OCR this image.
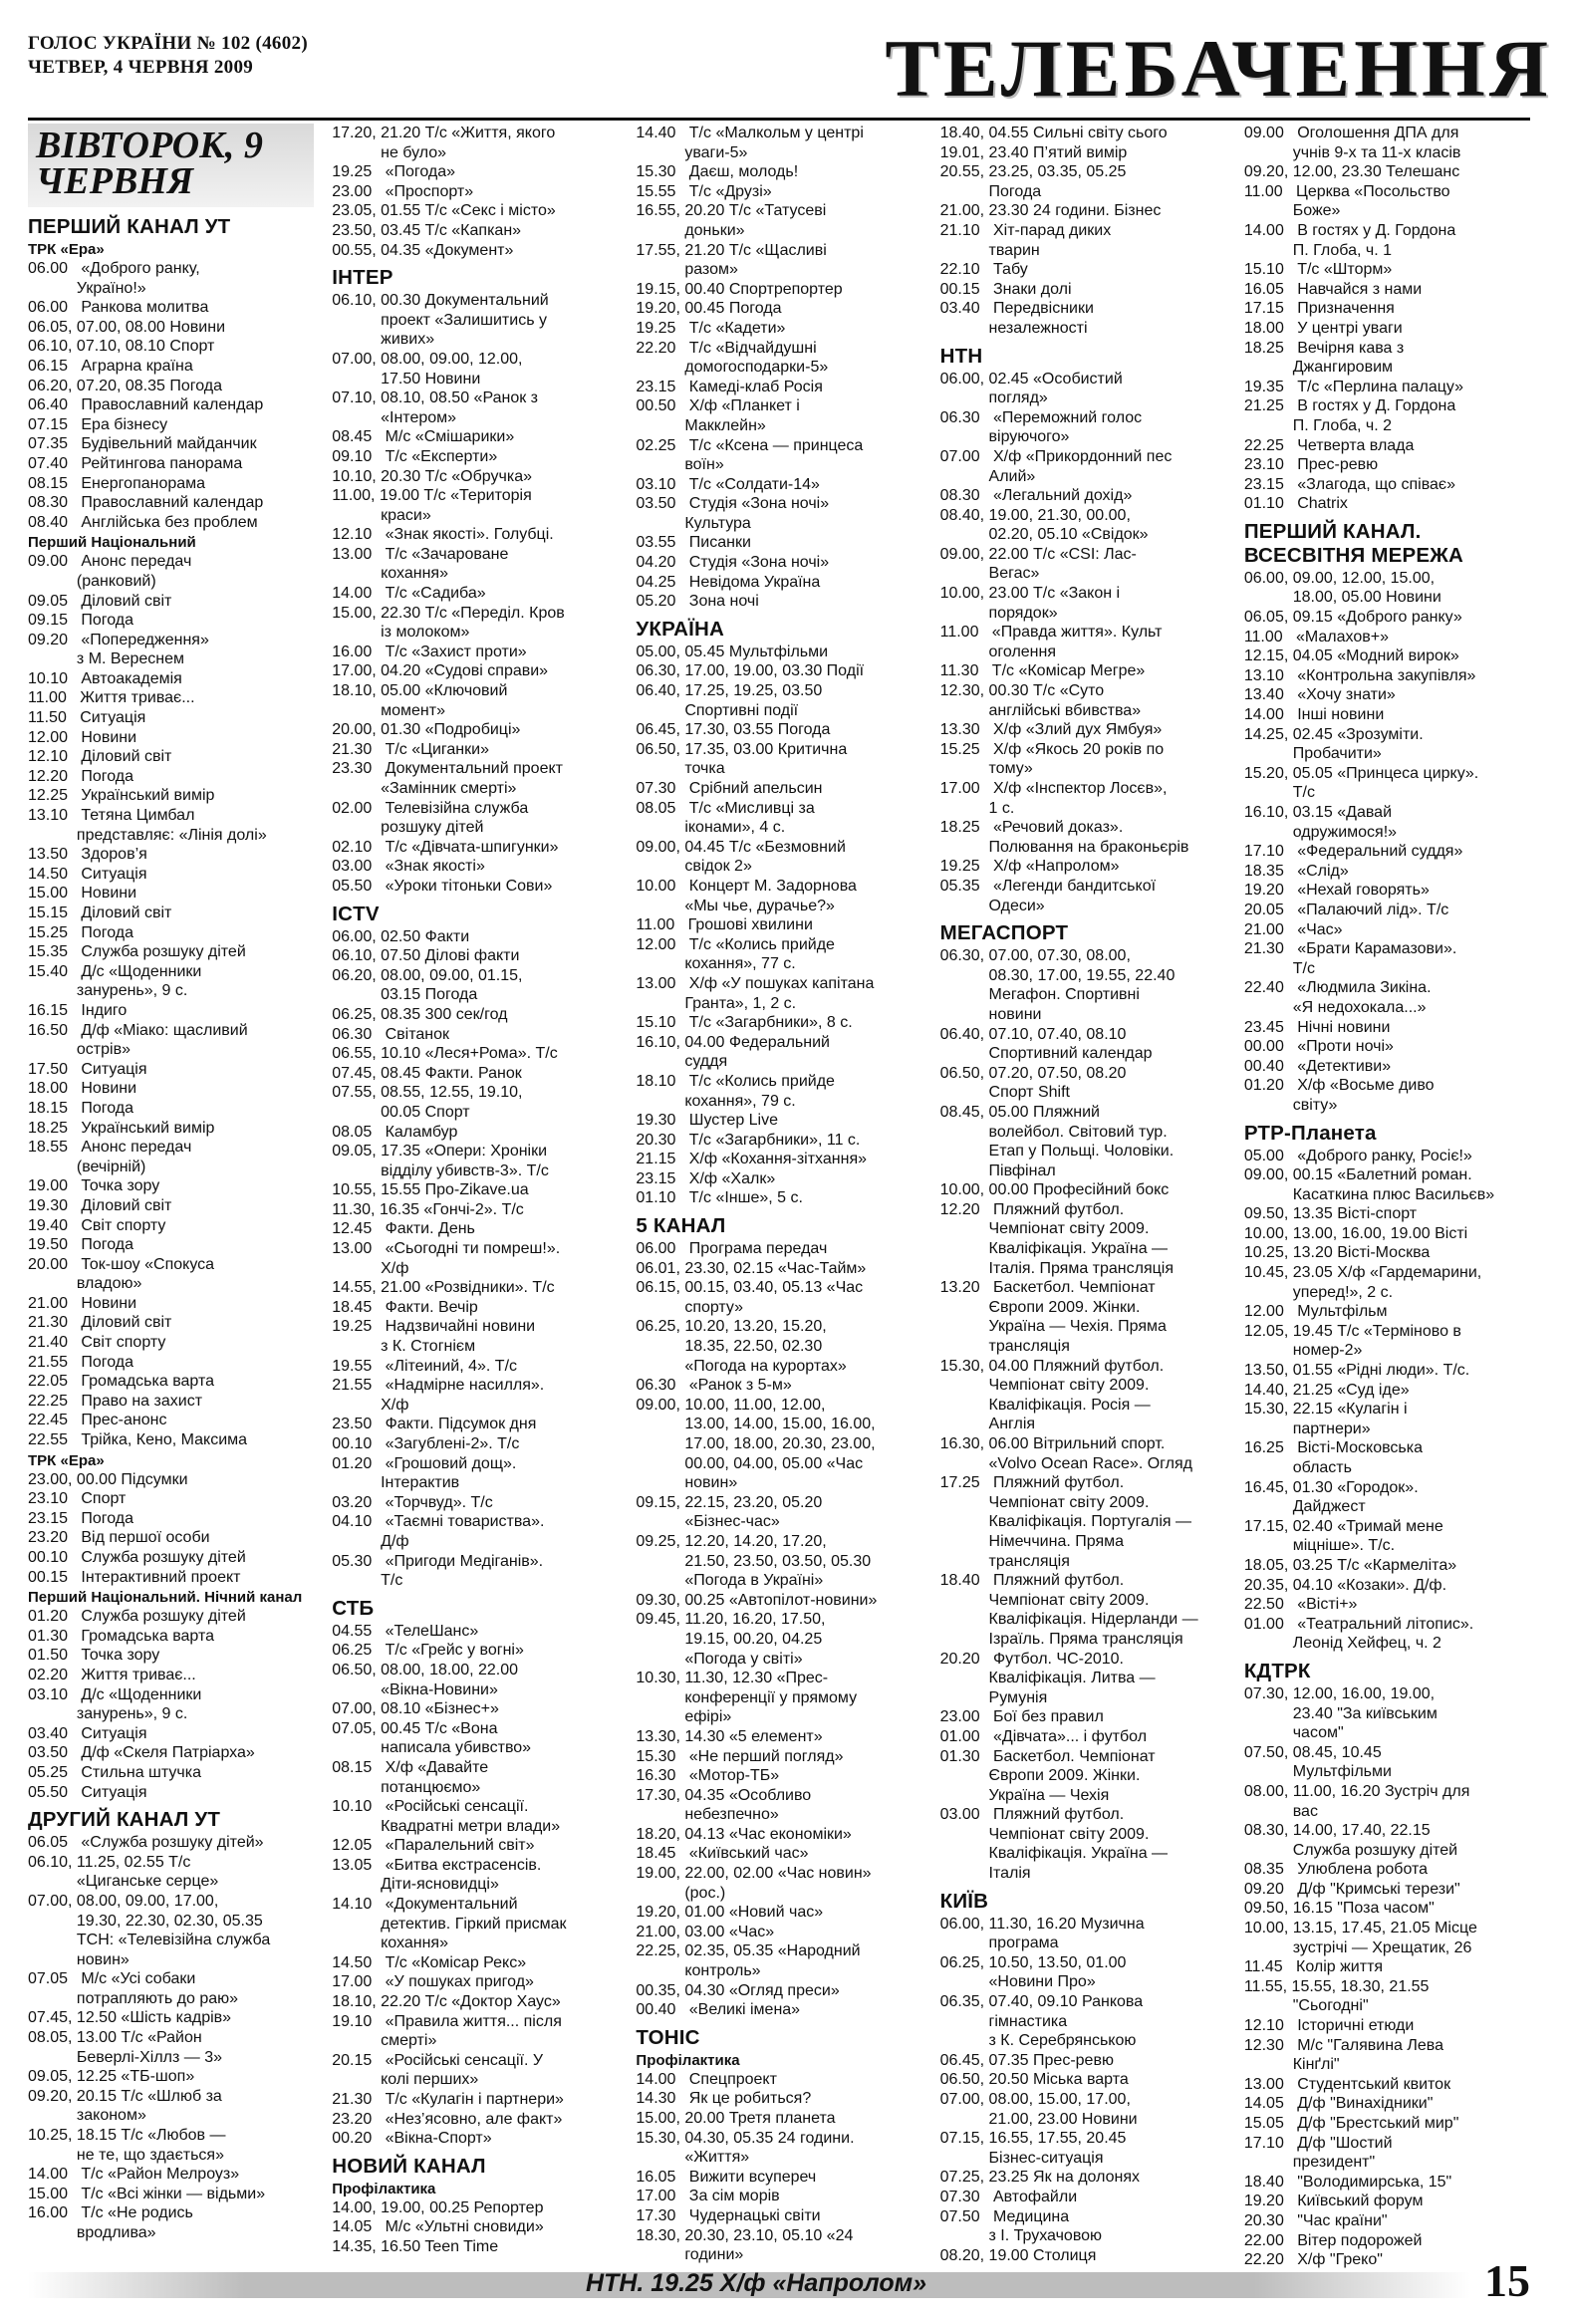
ГОЛОС УКРАЇНИ № 102 (4602)
ЧЕТВЕР, 4 ЧЕРВНЯ 2009	ТЕЛЕБАЧЕННЯ
ВІВТОРОК, 9 ЧЕРВНЯ
ПЕРШИЙ КАНАЛ УТ
ТРК «Ера»
06.00   «Доброго ранку,
Україно!»
06.00   Ранкова молитва
06.05, 07.00, 08.00 Новини
06.10, 07.10, 08.10 Спорт
06.15   Аграрна країна
06.20, 07.20, 08.35 Погода
06.40   Православний календар
07.15   Ера бізнесу
07.35   Будівельний майданчик
07.40   Рейтингова панорама
08.15   Енергопанорама
08.30   Православний календар
08.40   Англійська без проблем
Перший Національний
09.00   Анонс передач
(ранковий)
09.05   Діловий світ
09.15   Погода
09.20   «Попередження»
з М. Вереснем
10.10   Автоакадемія
11.00   Життя триває...
11.50   Ситуація
12.00   Новини
12.10   Діловий світ
12.20   Погода
12.25   Український вимір
13.10   Тетяна Цимбал
представляє: «Лінія долі»
13.50   Здоров’я
14.50   Ситуація
15.00   Новини
15.15   Діловий світ
15.25   Погода
15.35   Служба розшуку дітей
15.40   Д/с «Щоденники
занурень», 9 с.
16.15   Індиго
16.50   Д/ф «Міако: щасливий
острів»
17.50   Ситуація
18.00   Новини
18.15   Погода
18.25   Український вимір
18.55   Анонс передач
(вечірній)
19.00   Точка зору
19.30   Діловий світ
19.40   Світ спорту
19.50   Погода
20.00   Ток-шоу «Спокуса
владою»
21.00   Новини
21.30   Діловий світ
21.40   Світ спорту
21.55   Погода
22.05   Громадська варта
22.25   Право на захист
22.45   Прес-анонс
22.55   Трійка, Кено, Максима
ТРК «Ера»
23.00, 00.00 Підсумки
23.10   Спорт
23.15   Погода
23.20   Від першої особи
00.10   Служба розшуку дітей
00.15   Інтерактивний проект
Перший Національний. Нічний канал
01.20   Служба розшуку дітей
01.30   Громадська варта
01.50   Точка зору
02.20   Життя триває...
03.10   Д/с «Щоденники
занурень», 9 с.
03.40   Ситуація
03.50   Д/ф «Скеля Патріарха»
05.25   Стильна штучка
05.50   Ситуація
ДРУГИЙ КАНАЛ УТ
06.05   «Служба розшуку дітей»
06.10, 11.25, 02.55 Т/с
«Циганське серце»
07.00, 08.00, 09.00, 17.00,
19.30, 22.30, 02.30, 05.35
ТСН: «Телевізійна служба
новин»
07.05   М/с «Усі собаки
потрапляють до раю»
07.45, 12.50 «Шість кадрів»
08.05, 13.00 Т/с «Район
Беверлі-Хіллз — 3»
09.05, 12.25 «ТБ-шоп»
09.20, 20.15 Т/с «Шлюб за
законом»
10.25, 18.15 Т/с «Любов —
не те, що здається»
14.00   Т/с «Район Мелроуз»
15.00   Т/с «Всі жінки — відьми»
16.00   Т/с «Не родись
вродлива»
17.20, 21.20 Т/с «Життя, якого
не було»
19.25   «Погода»
23.00   «Проспорт»
23.05, 01.55 Т/с «Секс і місто»
23.50, 03.45 Т/с «Капкан»
00.55, 04.35 «Документ»
ІНТЕР
06.10, 00.30 Документальний
проект «Залишитись у
живих»
07.00, 08.00, 09.00, 12.00,
17.50 Новини
07.10, 08.10, 08.50 «Ранок з
«Інтером»
08.45   М/с «Смішарики»
09.10   Т/с «Експерти»
10.10, 20.30 Т/с «Обручка»
11.00, 19.00 Т/с «Територія
краси»
12.10   «Знак якості». Голубці.
13.00   Т/с «Зачароване
кохання»
14.00   Т/с «Садиба»
15.00, 22.30 Т/с «Переділ. Кров
із молоком»
16.00   Т/с «Захист проти»
17.00, 04.20 «Судові справи»
18.10, 05.00 «Ключовий
момент»
20.00, 01.30 «Подробиці»
21.30   Т/с «Циганки»
23.30   Документальний проект
«Замінник смерті»
02.00   Телевізійна служба
розшуку дітей
02.10   Т/с «Дівчата-шпигунки»
03.00   «Знак якості»
05.50   «Уроки тітоньки Сови»
ICTV
06.00, 02.50 Факти
06.10, 07.50 Ділові факти
06.20, 08.00, 09.00, 01.15,
03.15 Погода
06.25, 08.35 300 сек/год
06.30   Світанок
06.55, 10.10 «Леся+Рома». Т/с
07.45, 08.45 Факти. Ранок
07.55, 08.55, 12.55, 19.10,
00.05 Спорт
08.05   Каламбур
09.05, 17.35 «Опери: Хроніки
відділу убивств-3». Т/с
10.55, 15.55 Про-Zikave.ua
11.30, 16.35 «Гончі-2». Т/с
12.45   Факти. День
13.00   «Сьогодні ти помреш!».
Х/ф
14.55, 21.00 «Розвідники». Т/с
18.45   Факти. Вечір
19.25   Надзвичайні новини
з К. Стогнієм
19.55   «Літеиний, 4». Т/с
21.55   «Надмірне насилля».
Х/ф
23.50   Факти. Підсумок дня
00.10   «Загублені-2». Т/с
01.20   «Грошовий дощ».
Інтерактив
03.20   «Торчвуд». Т/с
04.10   «Таємні товариства».
Д/ф
05.30   «Пригоди Медіганів».
Т/с
СТБ
04.55   «ТелеШанс»
06.25   Т/с «Грейс у вогні»
06.50, 08.00, 18.00, 22.00
«Вікна-Новини»
07.00, 08.10 «Бізнес+»
07.05, 00.45 Т/с «Вона
написала убивство»
08.15   Х/ф «Давайте
потанцюємо»
10.10   «Російські сенсації.
Квадратні метри влади»
12.05   «Паралельний світ»
13.05   «Битва екстрасенсів.
Діти-ясновидці»
14.10   «Документальний
детектив. Гіркий присмак
кохання»
14.50   Т/с «Комісар Рекс»
17.00   «У пошуках пригод»
18.10, 22.20 Т/с «Доктор Хаус»
19.10   «Правила життя... після
смерті»
20.15   «Російські сенсації. У
колі перших»
21.30   Т/с «Кулагін і партнери»
23.20   «Нез’ясовно, але факт»
00.20   «Вікна-Спорт»
НОВИЙ КАНАЛ
Профілактика
14.00, 19.00, 00.25 Репортер
14.05   М/с «Ультні сновиди»
14.35, 16.50 Teen Time
14.40   Т/с «Малкольм у центрі
уваги-5»
15.30   Даєш, молодь!
15.55   Т/с «Друзі»
16.55, 20.20 Т/с «Татусеві
доньки»
17.55, 21.20 Т/с «Щасливі
разом»
19.15, 00.40 Спортрепортер
19.20, 00.45 Погода
19.25   Т/с «Кадети»
22.20   Т/с «Відчайдушні
домогосподарки-5»
23.15   Камеді-клаб Росія
00.50   Х/ф «Планкет і
Макклейн»
02.25   Т/с «Ксена — принцеса
воїн»
03.10   Т/с «Солдати-14»
03.50   Студія «Зона ночі»
Культура
03.55   Писанки
04.20   Студія «Зона ночі»
04.25   Невідома Україна
05.20   Зона ночі
УКРАЇНА
05.00, 05.45 Мультфільми
06.30, 17.00, 19.00, 03.30 Події
06.40, 17.25, 19.25, 03.50
Спортивні події
06.45, 17.30, 03.55 Погода
06.50, 17.35, 03.00 Критична
точка
07.30   Срібний апельсин
08.05   Т/с «Мисливці за
іконами», 4 с.
09.00, 04.45 Т/с «Безмовний
свідок 2»
10.00   Концерт М. Задорнова
«Мы чье, дурачье?»
11.00   Грошові хвилини
12.00   Т/с «Колись прийде
кохання», 77 с.
13.00   Х/ф «У пошуках капітана
Гранта», 1, 2 с.
15.10   Т/с «Загарбники», 8 с.
16.10, 04.00 Федеральний
суддя
18.10   Т/с «Колись прийде
кохання», 79 с.
19.30   Шустер Live
20.30   Т/с «Загарбники», 11 с.
21.15   Х/ф «Кохання-зітхання»
23.15   Х/ф «Халк»
01.10   Т/с «Інше», 5 с.
5 КАНАЛ
06.00   Програма передач
06.01, 23.30, 02.15 «Час-Тайм»
06.15, 00.15, 03.40, 05.13 «Час
спорту»
06.25, 10.20, 13.20, 15.20,
18.35, 22.50, 02.30
«Погода на курортах»
06.30   «Ранок з 5-м»
09.00, 10.00, 11.00, 12.00,
13.00, 14.00, 15.00, 16.00,
17.00, 18.00, 20.30, 23.00,
00.00, 04.00, 05.00 «Час
новин»
09.15, 22.15, 23.20, 05.20
«Бізнес-час»
09.25, 12.20, 14.20, 17.20,
21.50, 23.50, 03.50, 05.30
«Погода в Україні»
09.30, 00.25 «Автопілот-новини»
09.45, 11.20, 16.20, 17.50,
19.15, 00.20, 04.25
«Погода у світі»
10.30, 11.30, 12.30 «Прес-
конференції у прямому
ефірі»
13.30, 14.30 «5 елемент»
15.30   «Не перший погляд»
16.30   «Мотор-ТБ»
17.30, 04.35 «Особливо
небезпечно»
18.20, 04.13 «Час економіки»
18.45   «Київський час»
19.00, 22.00, 02.00 «Час новин»
(рос.)
19.20, 01.00 «Новий час»
21.00, 03.00 «Час»
22.25, 02.35, 05.35 «Народний
контроль»
00.35, 04.30 «Огляд преси»
00.40   «Великі імена»
ТОНІС
Профілактика
14.00   Спецпроект
14.30   Як це робиться?
15.00, 20.00 Третя планета
15.30, 04.30, 05.35 24 години.
«Життя»
16.05   Вижити всупереч
17.00   За сім морів
17.30   Чудернацькі світи
18.30, 20.30, 23.10, 05.10 «24
години»
18.40, 04.55 Сильні світу сього
19.01, 23.40 П’ятий вимір
20.55, 23.25, 03.35, 05.25
Погода
21.00, 23.30 24 години. Бізнес
21.10   Хіт-парад диких
тварин
22.10   Табу
00.15   Знаки долі
03.40   Передвісники
незалежності
НТН
06.00, 02.45 «Особистий
погляд»
06.30   «Переможний голос
віруючого»
07.00   Х/ф «Прикордонний пес
Алий»
08.30   «Легальний дохід»
08.40, 19.00, 21.30, 00.00,
02.20, 05.10 «Свідок»
09.00, 22.00 Т/с «CSI: Лас-
Вегас»
10.00, 23.00 Т/с «Закон і
порядок»
11.00   «Правда життя». Культ
оголення
11.30   Т/с «Комісар Мегре»
12.30, 00.30 Т/с «Суто
англійські вбивства»
13.30   Х/ф «Злий дух Ямбуя»
15.25   Х/ф «Якось 20 років по
тому»
17.00   Х/ф «Інспектор Лосєв»,
1 с.
18.25   «Речовий доказ».
Полювання на браконьєрів
19.25   Х/ф «Напролом»
05.35   «Легенди бандитської
Одеси»
МЕГАСПОРТ
06.30, 07.00, 07.30, 08.00,
08.30, 17.00, 19.55, 22.40
Мегафон. Спортивні
новини
06.40, 07.10, 07.40, 08.10
Спортивний календар
06.50, 07.20, 07.50, 08.20
Спорт Shift
08.45, 05.00 Пляжний
волейбол. Світовий тур.
Етап у Польщі. Чоловіки.
Півфінал
10.00, 00.00 Професійний бокс
12.20   Пляжний футбол.
Чемпіонат світу 2009.
Кваліфікація. Україна —
Італія. Пряма трансляція
13.20   Баскетбол. Чемпіонат
Європи 2009. Жінки.
Україна — Чехія. Пряма
трансляція
15.30, 04.00 Пляжний футбол.
Чемпіонат світу 2009.
Кваліфікація. Росія —
Англія
16.30, 06.00 Вітрильний спорт.
«Volvo Ocean Race». Огляд
17.25   Пляжний футбол.
Чемпіонат світу 2009.
Кваліфікація. Португалія —
Німеччина. Пряма
трансляція
18.40   Пляжний футбол.
Чемпіонат світу 2009.
Кваліфікація. Нідерланди —
Ізраїль. Пряма трансляція
20.20   Футбол. ЧС-2010.
Кваліфікація. Литва —
Румунія
23.00   Бої без правил
01.00   «Дівчата»... і футбол
01.30   Баскетбол. Чемпіонат
Європи 2009. Жінки.
Україна — Чехія
03.00   Пляжний футбол.
Чемпіонат світу 2009.
Кваліфікація. Україна —
Італія
КИЇВ
06.00, 11.30, 16.20 Музична
програма
06.25, 10.50, 13.50, 01.00
«Новини Про»
06.35, 07.40, 09.10 Ранкова
гімнастика
з К. Серебрянською
06.45, 07.35 Прес-ревю
06.50, 20.50 Міська варта
07.00, 08.00, 15.00, 17.00,
21.00, 23.00 Новини
07.15, 16.55, 17.55, 20.45
Бізнес-ситуація
07.25, 23.25 Як на долонях
07.30   Автофайли
07.50   Медицина
з І. Трухачовою
08.20, 19.00 Столиця
09.00   Оголошення ДПА для
учнів 9-х та 11-х класів
09.20, 12.00, 23.30 Телешанс
11.00   Церква «Посольство
Боже»
14.00   В гостях у Д. Гордона
П. Глоба, ч. 1
15.10   Т/с «Шторм»
16.05   Навчайся з нами
17.15   Призначення
18.00   У центрі уваги
18.25   Вечірня кава з
Джангировим
19.35   Т/с «Перлина палацу»
21.25   В гостях у Д. Гордона
П. Глоба, ч. 2
22.25   Четверта влада
23.10   Прес-ревю
23.15   «Злагода, що співає»
01.10   Chatrix
ПЕРШИЙ КАНАЛ. ВСЕСВІТНЯ МЕРЕЖА
06.00, 09.00, 12.00, 15.00,
18.00, 05.00 Новини
06.05, 09.15 «Доброго ранку»
11.00   «Малахов+»
12.15, 04.05 «Модний вирок»
13.10   «Контрольна закупівля»
13.40   «Хочу знати»
14.00   Інші новини
14.25, 02.45 «Зрозуміти.
Пробачити»
15.20, 05.05 «Принцеса цирку».
Т/с
16.10, 03.15 «Давай
одружимося!»
17.10   «Федеральний суддя»
18.35   «Слід»
19.20   «Нехай говорять»
20.05   «Палаючий лід». Т/с
21.00   «Час»
21.30   «Брати Карамазови».
Т/с
22.40   «Людмила Зикіна.
«Я недохокала...»
23.45   Нічні новини
00.00   «Проти ночі»
00.40   «Детективи»
01.20   Х/ф «Восьме диво
світу»
РТР-Планета
05.00   «Доброго ранку, Росіє!»
09.00, 00.15 «Балетний роман.
Касаткина плюс Васильєв»
09.50, 13.35 Вісті-спорт
10.00, 13.00, 16.00, 19.00 Вісті
10.25, 13.20 Вісті-Москва
10.45, 23.05 Х/ф «Гардемарини,
уперед!», 2 с.
12.00   Мультфільм
12.05, 19.45 Т/с «Терміново в
номер-2»
13.50, 01.55 «Рідні люди». Т/с.
14.40, 21.25 «Суд іде»
15.30, 22.15 «Кулагін і
партнери»
16.25   Вісті-Московська
область
16.45, 01.30 «Городок».
Дайджест
17.15, 02.40 «Тримай мене
міцніше». Т/с.
18.05, 03.25 Т/с «Кармеліта»
20.35, 04.10 «Козаки». Д/ф.
22.50   «Вісті+»
01.00   «Театральний літопис».
Леонід Хейфец, ч. 2
КДТРК
07.30, 12.00, 16.00, 19.00,
23.40 "За київським
часом"
07.50, 08.45, 10.45
Мультфільми
08.00, 11.00, 16.20 Зустріч для
вас
08.30, 14.00, 17.40, 22.15
Служба розшуку дітей
08.35   Улюблена робота
09.20   Д/ф "Кримські терези"
09.50, 16.15 "Поза часом"
10.00, 13.15, 17.45, 21.05 Місце
зустрічі — Хрещатик, 26
11.45   Колір життя
11.55, 15.55, 18.30, 21.55
"Сьогодні"
12.10   Історичні етюди
12.30   М/с "Галявина Лева
Кінґлі"
13.00   Студентський квиток
14.05   Д/ф "Винахідники"
15.05   Д/ф "Брестський мир"
17.10   Д/ф "Шостий
президент"
18.40   "Володимирська, 15"
19.20   Київський форум
20.30   "Час країни"
22.00   Вітер подорожей
22.20   Х/ф "Греко"
НТН. 19.25 Х/ф «Напролом»	15
